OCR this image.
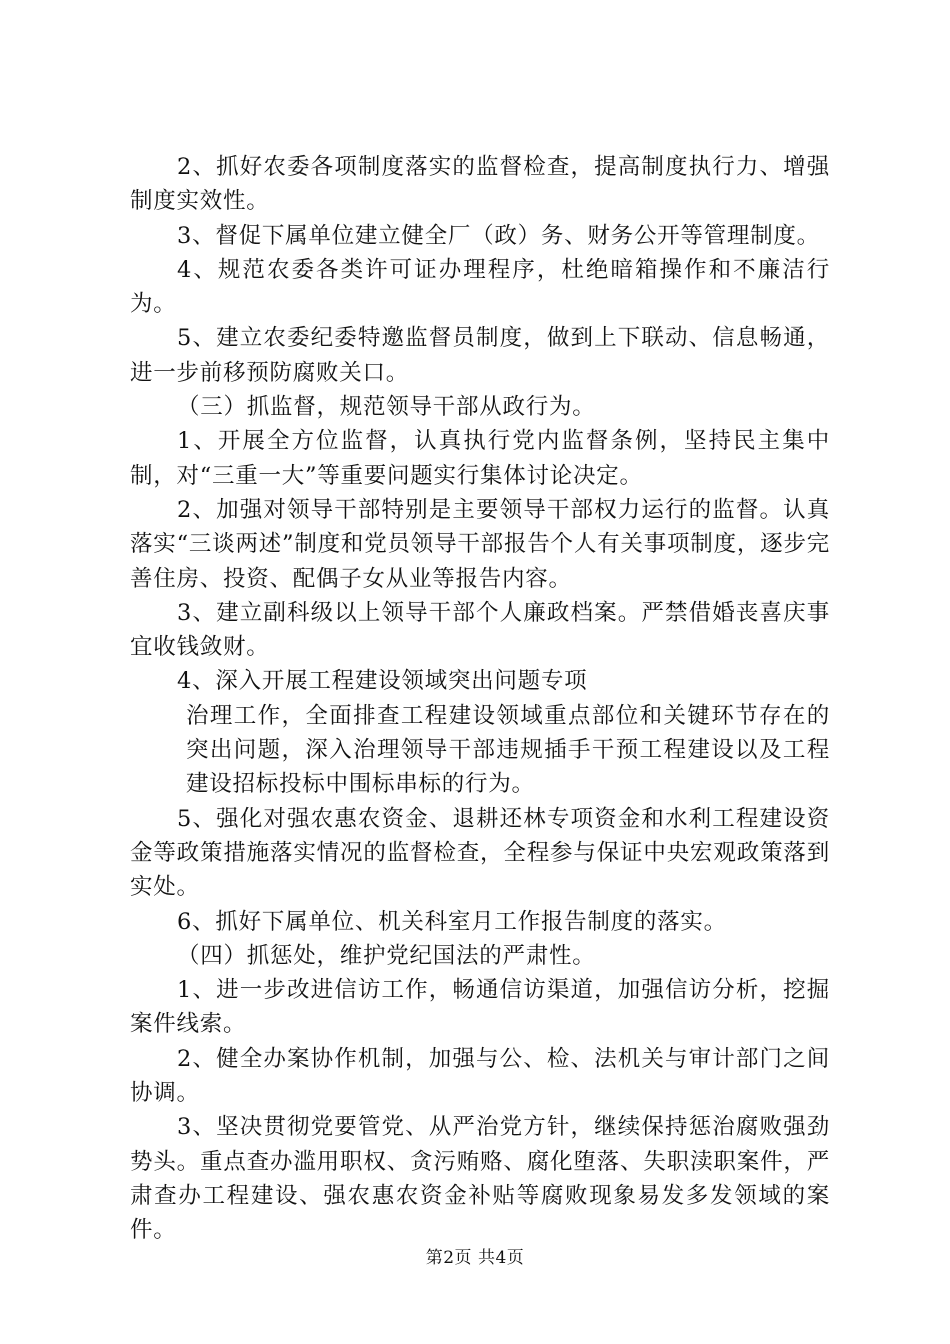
2、抓好农委各项制度落实的监督检查，提高制度执行力、增强制度实效性。

3、督促下属单位建立健全厂（政）务、财务公开等管理制度。

4、规范农委各类许可证办理程序，杜绝暗箱操作和不廉洁行为。

5、建立农委纪委特邀监督员制度，做到上下联动、信息畅通，进一步前移预防腐败关口。

（三）抓监督，规范领导干部从政行为。

1、开展全方位监督，认真执行党内监督条例，坚持民主集中制，对“三重一大”等重要问题实行集体讨论决定。

2、加强对领导干部特别是主要领导干部权力运行的监督。认真落实“三谈两述”制度和党员领导干部报告个人有关事项制度，逐步完善住房、投资、配偶子女从业等报告内容。

3、建立副科级以上领导干部个人廉政档案。严禁借婚丧喜庆事宜收钱敛财。

4、深入开展工程建设领域突出问题专项

治理工作，全面排查工程建设领域重点部位和关键环节存在的突出问题，深入治理领导干部违规插手干预工程建设以及工程建设招标投标中围标串标的行为。

5、强化对强农惠农资金、退耕还林专项资金和水利工程建设资金等政策措施落实情况的监督检查，全程参与保证中央宏观政策落到实处。

6、抓好下属单位、机关科室月工作报告制度的落实。

（四）抓惩处，维护党纪国法的严肃性。

1、进一步改进信访工作，畅通信访渠道，加强信访分析，挖掘案件线索。

2、健全办案协作机制，加强与公、检、法机关与审计部门之间协调。

3、坚决贯彻党要管党、从严治党方针，继续保持惩治腐败强劲势头。重点查办滥用职权、贪污贿赂、腐化堕落、失职渎职案件，严肃查办工程建设、强农惠农资金补贴等腐败现象易发多发领域的案件。

第2页 共4页
